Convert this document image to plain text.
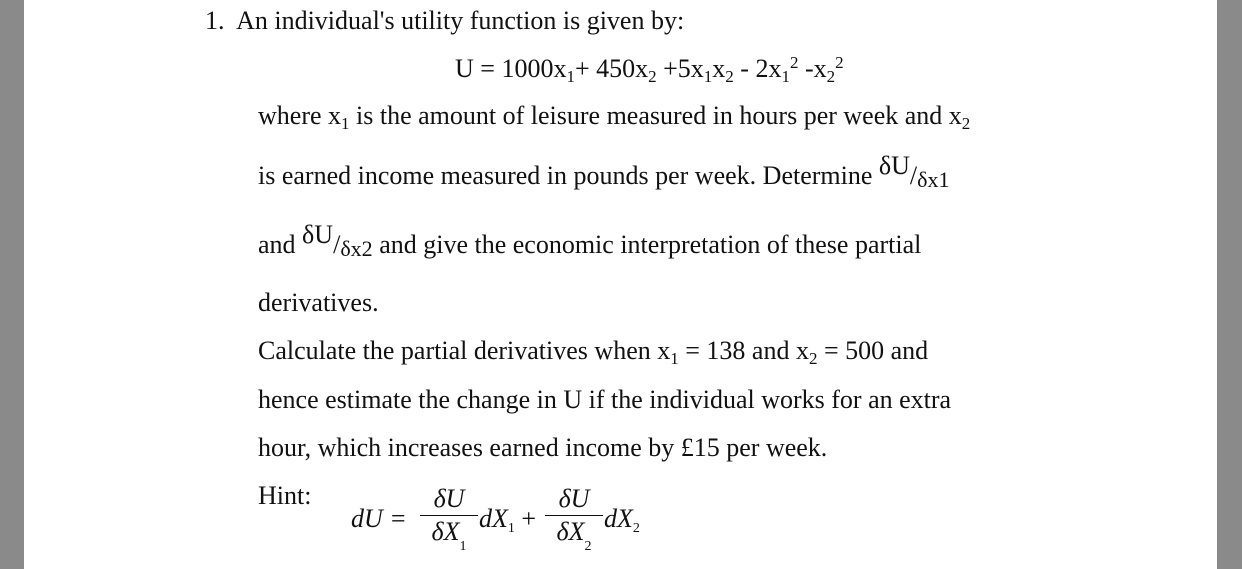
1. An individual's utility function is given by:
$U = 1000x_1+ 450x_2 +5x_1x_2 - 2x_1^2$ $-x_2^2$
where $x_1$ is the amount of leisure measured in hours per week and $x_2$
is earned income measured in pounds per week. Determine δU/δx1
and δU/δx2 and give the economic interpretation of these partial
derivatives.
Calculate the partial derivatives when $x_1 = 138$ and $x_2 = 500$ and
hence estimate the change in U if the individual works for an extra
hour, which increases earned income by £15 per week.
Hint:
dU =
δU
$\delta X_1$
$dX_1$ +
δU
$\delta X_2$
$dX_2$
